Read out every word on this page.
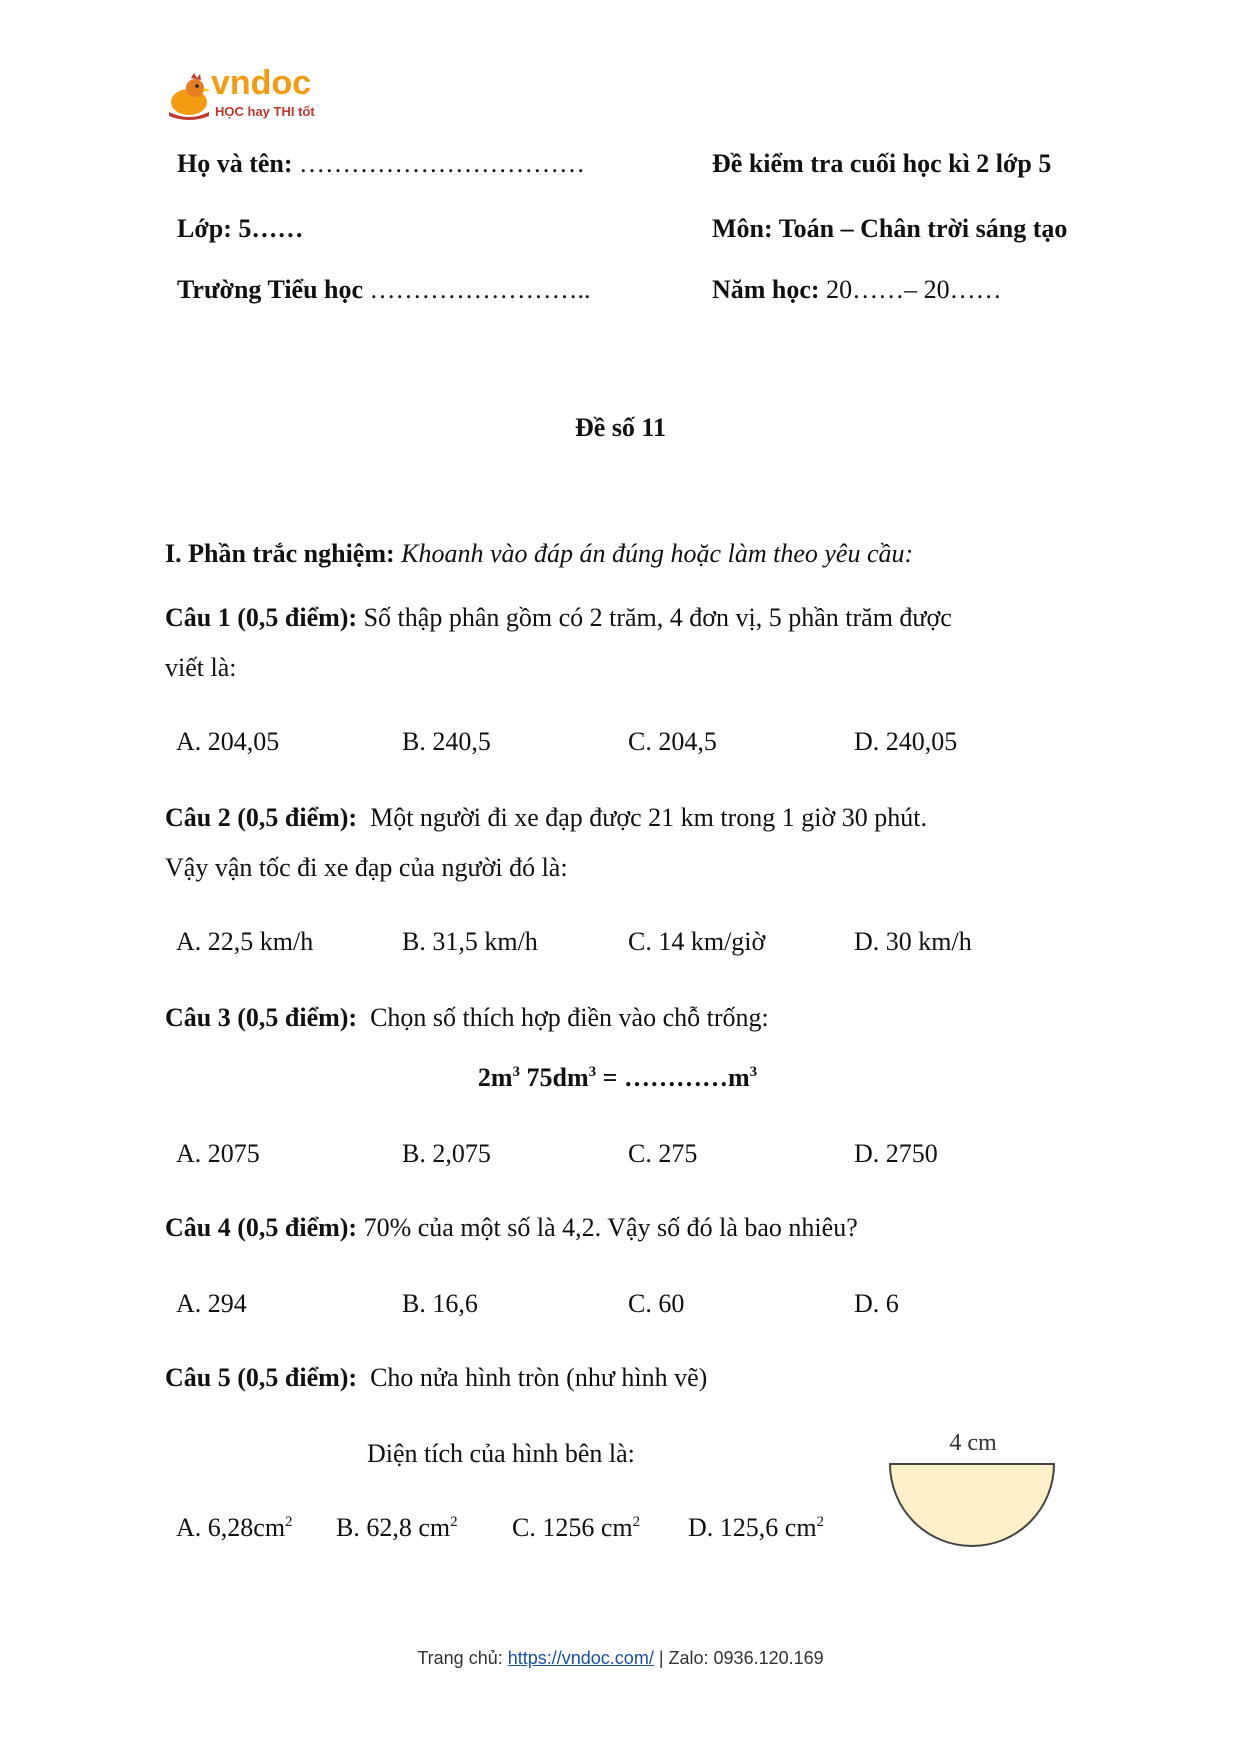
vndoc
HỌC hay THI tốt
Họ và tên: ……………………………
Lớp: 5……
Trường Tiểu học ……………………..
Đề kiểm tra cuối học kì 2 lớp 5
Môn: Toán – Chân trời sáng tạo
Năm học: 20……– 20……
Đề số 11
I. Phần trắc nghiệm: Khoanh vào đáp án đúng hoặc làm theo yêu cầu:
Câu 1 (0,5 điểm): Số thập phân gồm có 2 trăm, 4 đơn vị, 5 phần trăm được
viết là:
A. 204,05	B. 240,5	C. 204,5	D. 240,05
Câu 2 (0,5 điểm): Một người đi xe đạp được 21 km trong 1 giờ 30 phút.
Vậy vận tốc đi xe đạp của người đó là:
A. 22,5 km/h	B. 31,5 km/h	C. 14 km/giờ	D. 30 km/h
Câu 3 (0,5 điểm): Chọn số thích hợp điền vào chỗ trống:
$2m^3$ $75dm^3$ = $\dots\dots\dots\dots m^3$
A. 2075	B. 2,075	C. 275	D. 2750
Câu 4 (0,5 điểm): 70% của một số là 4,2. Vậy số đó là bao nhiêu?
A. 294	B. 16,6	C. 60	D. 6
Câu 5 (0,5 điểm): Cho nửa hình tròn (như hình vẽ)
Diện tích của hình bên là:
A. $6,28cm^2$ B. 62,8 $cm^2$ C. 1256 $cm^2$ D. 125,6 $cm^2$
4 cm
Trang chủ: https://vndoc.com/ | Zalo: 0936.120.169
